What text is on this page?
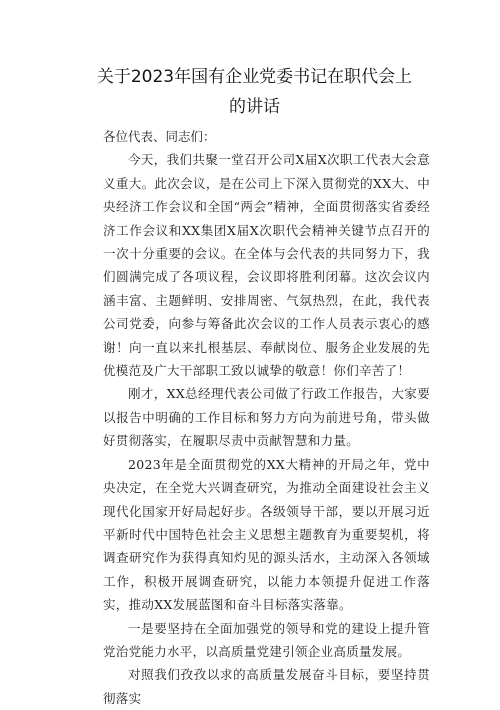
关于2023年国有企业党委书记在职代会上
的讲话

各位代表、同志们：

今天，我们共聚一堂召开公司X届X次职工代表大会意义重大。此次会议，是在公司上下深入贯彻党的XX大、中央经济工作会议和全国“两会”精神，全面贯彻落实省委经济工作会议和XX集团X届X次职代会精神关键节点召开的一次十分重要的会议。在全体与会代表的共同努力下，我们圆满完成了各项议程，会议即将胜利闭幕。这次会议内涵丰富、主题鲜明、安排周密、气氛热烈，在此，我代表公司党委，向参与筹备此次会议的工作人员表示衷心的感谢！向一直以来扎根基层、奉献岗位、服务企业发展的先优模范及广大干部职工致以诚挚的敬意！你们辛苦了！

刚才，XX总经理代表公司做了行政工作报告，大家要以报告中明确的工作目标和努力方向为前进号角，带头做好贯彻落实，在履职尽责中贡献智慧和力量。

2023年是全面贯彻党的XX大精神的开局之年，党中央决定，在全党大兴调查研究，为推动全面建设社会主义现代化国家开好局起好步。各级领导干部，要以开展习近平新时代中国特色社会主义思想主题教育为重要契机，将调查研究作为获得真知灼见的源头活水，主动深入各领域工作，积极开展调查研究，以能力本领提升促进工作落实，推动XX发展蓝图和奋斗目标落实落靠。

一是要坚持在全面加强党的领导和党的建设上提升管党治党能力水平，以高质量党建引领企业高质量发展。

对照我们孜孜以求的高质量发展奋斗目标，要坚持贯彻落实
